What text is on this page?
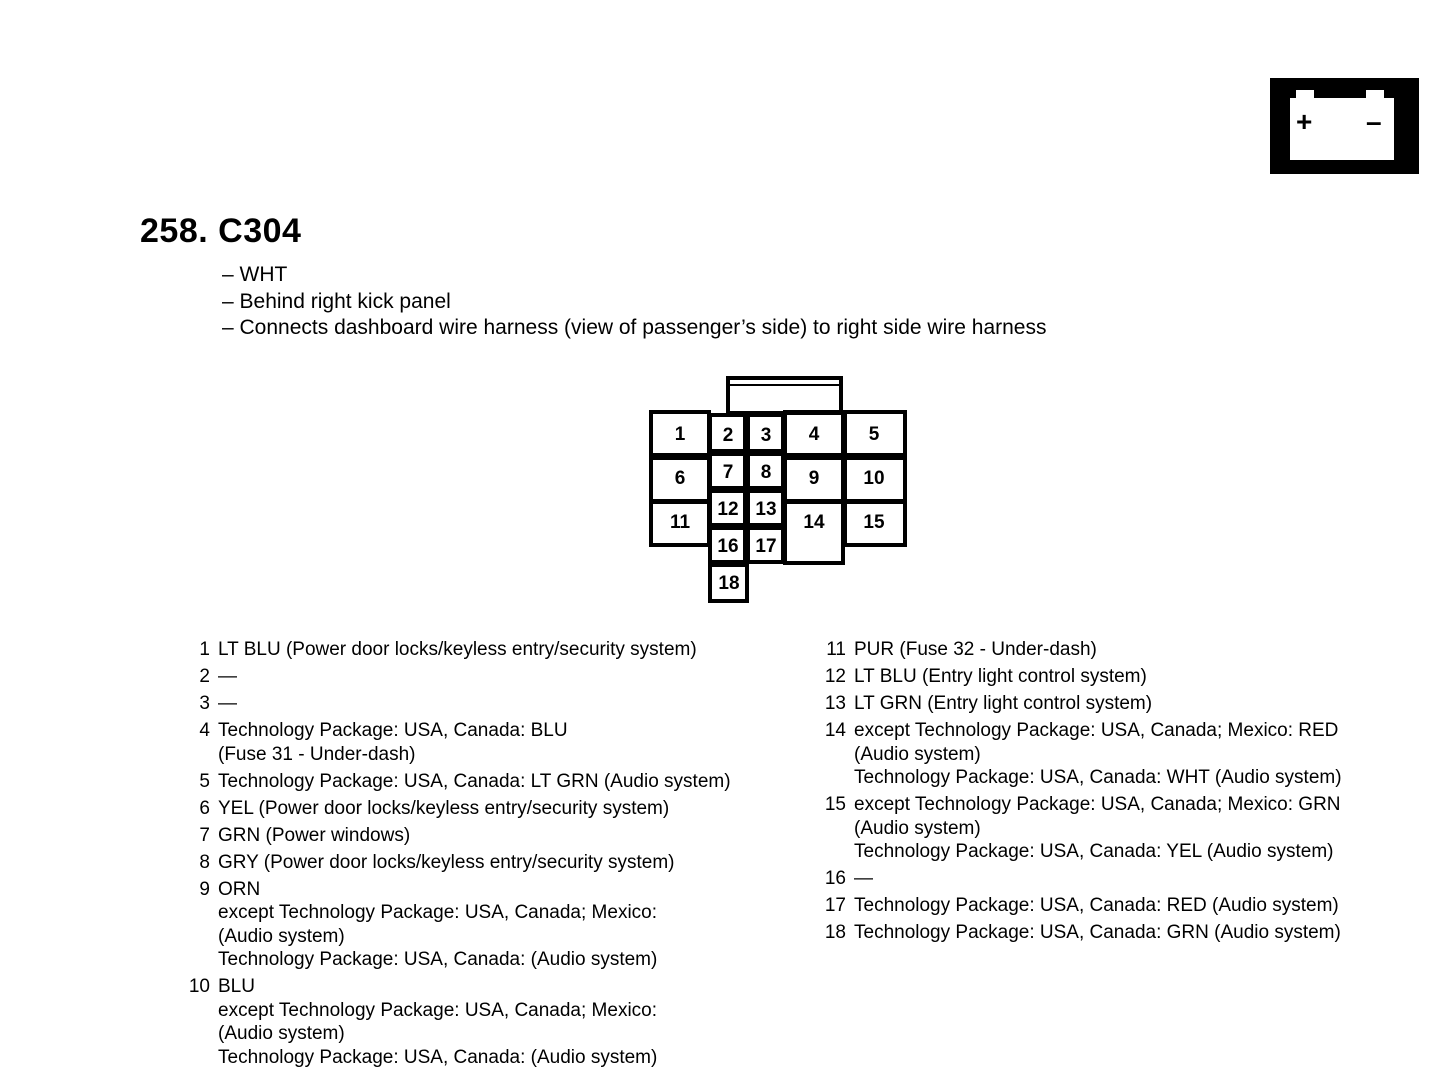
+ –
258. C304
– WHT
– Behind right kick panel
– Connects dashboard wire harness (view of passenger’s side) to right side wire harness
1 2 3 4	5
6 7 8 9 10
11
12 13
14 15
16 17
18
1 LT BLU (Power door locks/keyless entry/security system)
2 —
3 —
4 Technology Package: USA, Canada: BLU
(Fuse 31 - Under-dash)
5 Technology Package: USA, Canada: LT GRN (Audio system)
6 YEL (Power door locks/keyless entry/security system)
7 GRN (Power windows)
8 GRY (Power door locks/keyless entry/security system)
9 ORN
except Technology Package: USA, Canada; Mexico:
(Audio system)
Technology Package: USA, Canada: (Audio system)
10 BLU
except Technology Package: USA, Canada; Mexico:
(Audio system)
Technology Package: USA, Canada: (Audio system)
11 PUR (Fuse 32 - Under-dash)
12 LT BLU (Entry light control system)
13 LT GRN (Entry light control system)
14 except Technology Package: USA, Canada; Mexico: RED
(Audio system)
Technology Package: USA, Canada: WHT (Audio system)
15 except Technology Package: USA, Canada; Mexico: GRN
(Audio system)
Technology Package: USA, Canada: YEL (Audio system)
16 —
17 Technology Package: USA, Canada: RED (Audio system)
18 Technology Package: USA, Canada: GRN (Audio system)
